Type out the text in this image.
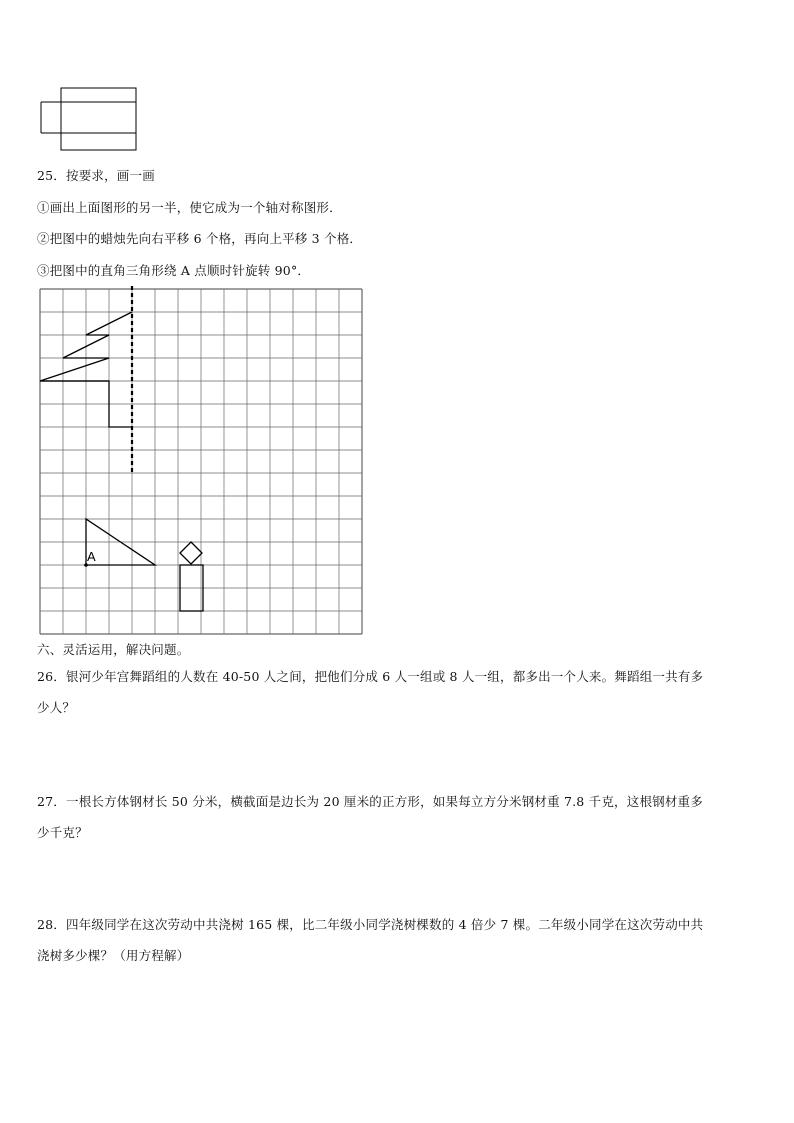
25．按要求，画一画
①画出上面图形的另一半，使它成为一个轴对称图形．
②把图中的蜡烛先向右平移 6 个格，再向上平移 3 个格．
③把图中的直角三角形绕 A 点顺时针旋转 90°．
A
六、灵活运用，解决问题。
26．银河少年宫舞蹈组的人数在 40-50 人之间，把他们分成 6 人一组或 8 人一组，都多出一个人来。舞蹈组一共有多
少人？
27．一根长方体钢材长 50 分米，横截面是边长为 20 厘米的正方形，如果每立方分米钢材重 7.8 千克，这根钢材重多
少千克？
28．四年级同学在这次劳动中共浇树 165 棵，比二年级小同学浇树棵数的 4 倍少 7 棵。二年级小同学在这次劳动中共
浇树多少棵？（用方程解）
